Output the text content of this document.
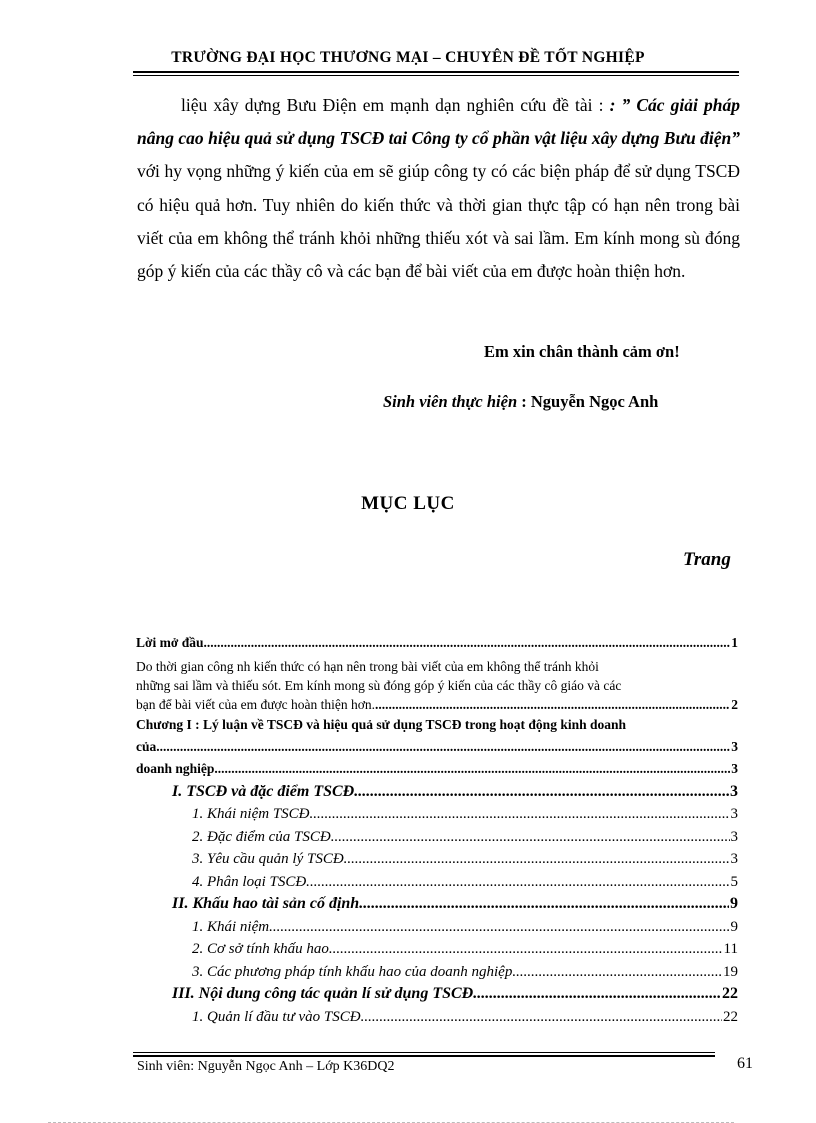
TRƯỜNG ĐẠI HỌC THƯƠNG MẠI – CHUYÊN ĐỀ TỐT NGHIỆP

liệu xây dựng Bưu Điện em mạnh dạn nghiên cứu đề tài : : ” Các giải pháp nâng cao hiệu quả sử dụng TSCĐ tai Công ty cổ phần vật liệu xây dựng Bưu điện” với hy vọng những ý kiến của em sẽ giúp công ty có các biện pháp để sử dụng TSCĐ có hiệu quả hơn. Tuy nhiên do kiến thức và thời gian thực tập có hạn nên trong bài viết của em không thể tránh khỏi những thiếu xót và sai lầm. Em kính mong sù đóng góp ý kiến của các thầy cô và các bạn để bài viết của em được hoàn thiện hơn.

Em xin chân thành cảm ơn!
Sinh viên thực hiện : Nguyễn Ngọc Anh
MỤC LỤC
Trang
Lời mở đầu .....	1
Do thời gian công nh kiến thức có hạn nên trong bài viết của em không thể tránh khỏi
những sai lầm và thiếu sót. Em kính mong sù đóng góp ý kiến của các thầy cô giáo và các
bạn để bài viết của em được hoàn thiện hơn. .....	2
Chương I : Lý luận về TSCĐ và hiệu quả sử dụng TSCĐ trong hoạt động kinh doanh
của .....	3
doanh nghiệp .....	3
I. TSCĐ và đặc điểm TSCĐ .....	3
1. Khái niệm TSCĐ. .....	3
2. Đặc điểm của TSCĐ. .....	3
3. Yêu cầu quản lý TSCĐ. .....	3
4. Phân loại TSCĐ. .....	5
II. Khấu hao tài sản cố định .....	9
1. Khái niệm .....	9
2. Cơ sở tính khấu hao .....	11
3. Các phương pháp tính khấu hao của doanh nghiệp. .....	19
III. Nội dung công tác quản lí sử dụng TSCĐ .....	22
1. Quản lí đầu tư vào TSCĐ .....	22
Sinh viên: Nguyễn Ngọc Anh – Lớp K36DQ2	61
